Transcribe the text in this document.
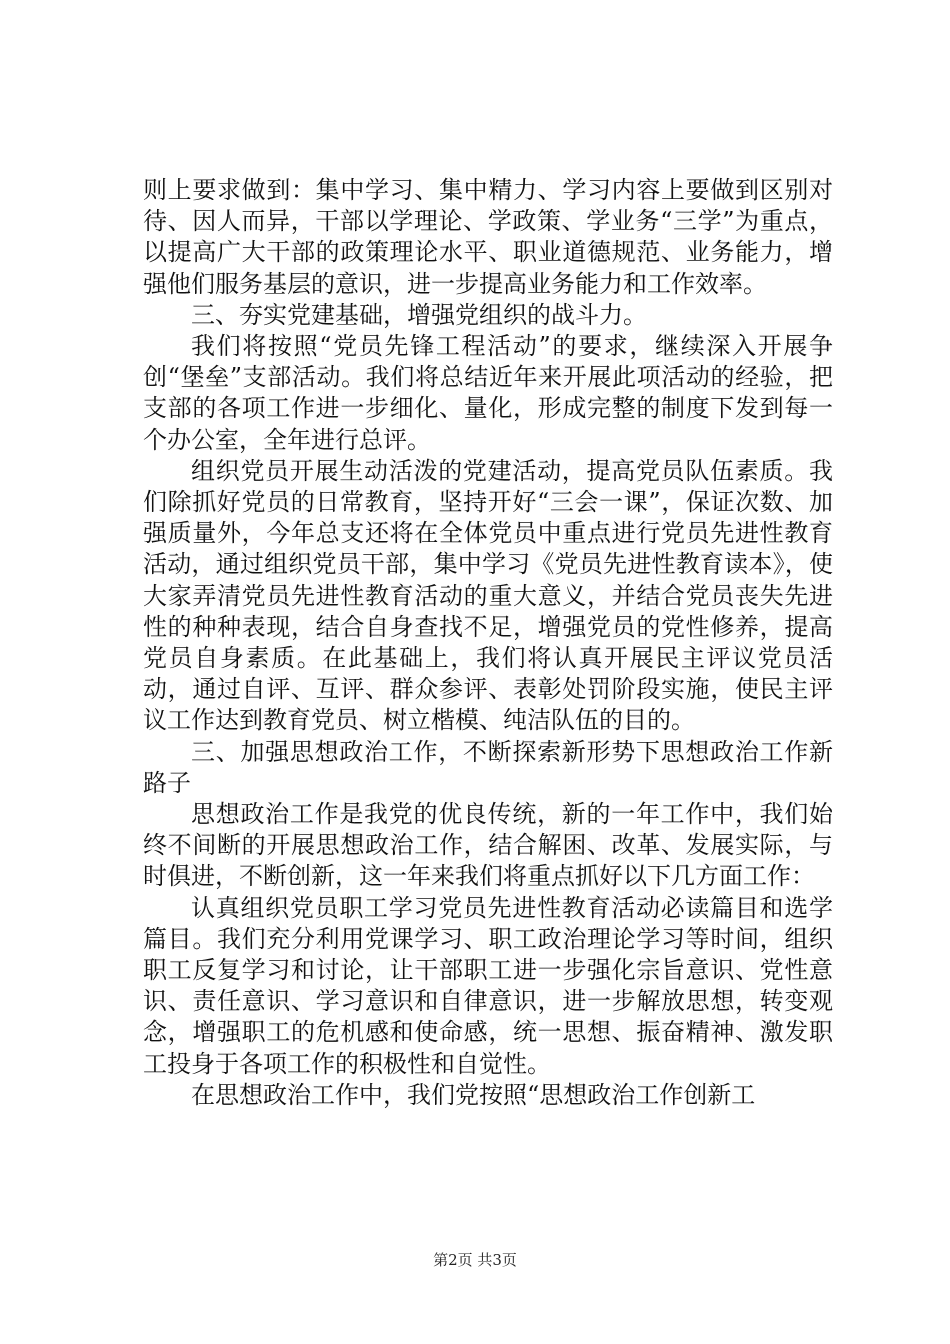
则上要求做到：集中学习、集中精力、学习内容上要做到区别对待、因人而异，干部以学理论、学政策、学业务“三学”为重点，以提高广大干部的政策理论水平、职业道德规范、业务能力，增强他们服务基层的意识，进一步提高业务能力和工作效率。

三、夯实党建基础，增强党组织的战斗力。

我们将按照“党员先锋工程活动”的要求，继续深入开展争创“堡垒”支部活动。我们将总结近年来开展此项活动的经验，把支部的各项工作进一步细化、量化，形成完整的制度下发到每一个办公室，全年进行总评。

组织党员开展生动活泼的党建活动，提高党员队伍素质。我们除抓好党员的日常教育，坚持开好“三会一课”，保证次数、加强质量外，今年总支还将在全体党员中重点进行党员先进性教育活动，通过组织党员干部，集中学习《党员先进性教育读本》，使大家弄清党员先进性教育活动的重大意义，并结合党员丧失先进性的种种表现，结合自身查找不足，增强党员的党性修养，提高党员自身素质。在此基础上，我们将认真开展民主评议党员活动，通过自评、互评、群众参评、表彰处罚阶段实施，使民主评议工作达到教育党员、树立楷模、纯洁队伍的目的。

三、加强思想政治工作，不断探索新形势下思想政治工作新路子

思想政治工作是我党的优良传统，新的一年工作中，我们始终不间断的开展思想政治工作，结合解困、改革、发展实际，与时俱进，不断创新，这一年来我们将重点抓好以下几方面工作：

认真组织党员职工学习党员先进性教育活动必读篇目和选学篇目。我们充分利用党课学习、职工政治理论学习等时间，组织职工反复学习和讨论，让干部职工进一步强化宗旨意识、党性意识、责任意识、学习意识和自律意识，进一步解放思想，转变观念，增强职工的危机感和使命感，统一思想、振奋精神、激发职工投身于各项工作的积极性和自觉性。

在思想政治工作中，我们党按照“思想政治工作创新工

第2页 共3页
